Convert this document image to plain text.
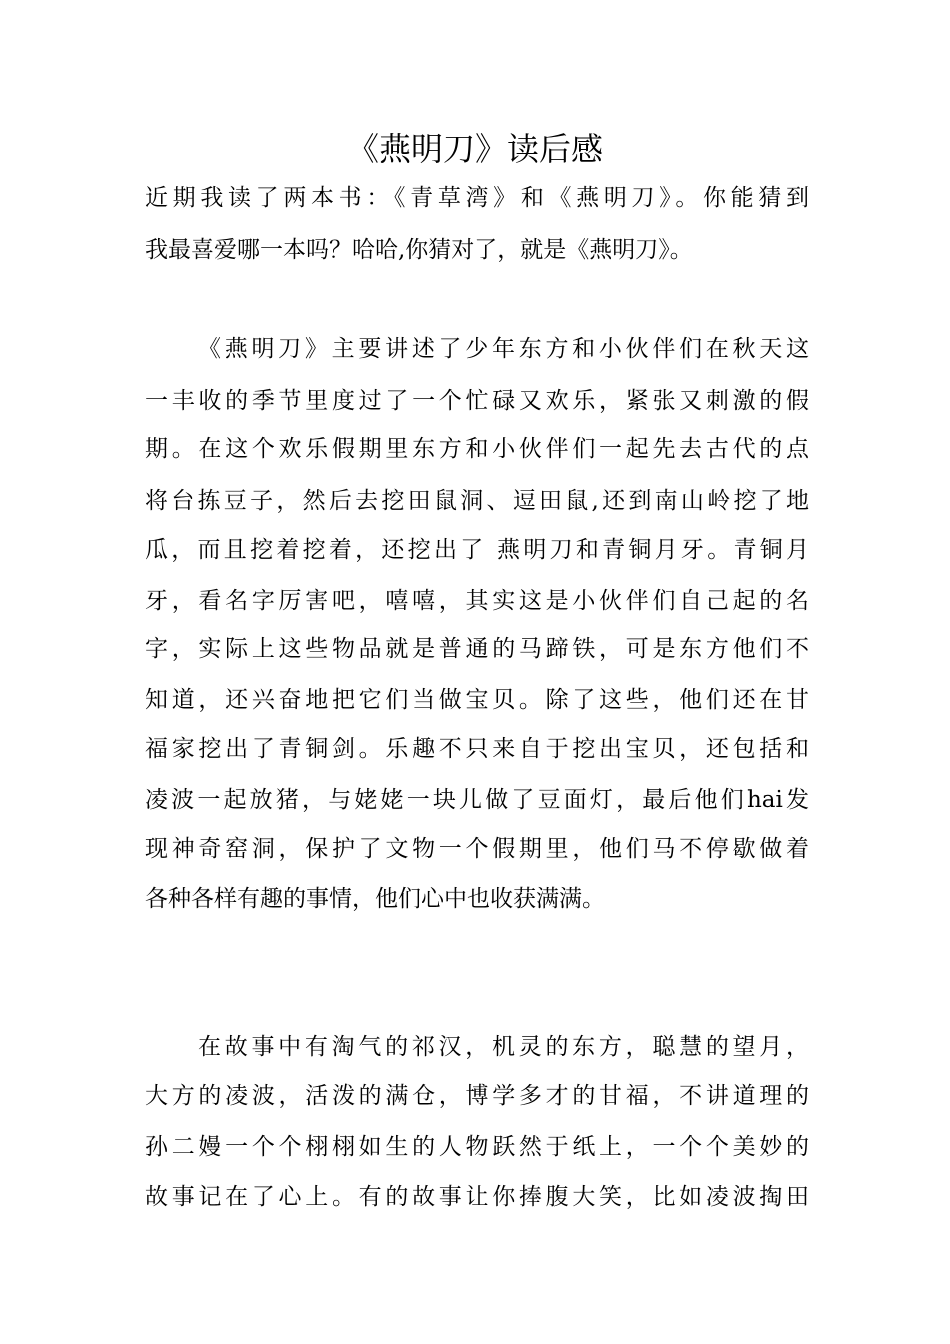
《燕明刀》读后感

近期我读了两本书：《青草湾》和《燕明刀》。你能猜到

我最喜爱哪一本吗？哈哈,你猜对了，就是《燕明刀》。

《燕明刀》主要讲述了少年东方和小伙伴们在秋天这

一丰收的季节里度过了一个忙碌又欢乐，紧张又刺激的假

期。在这个欢乐假期里东方和小伙伴们一起先去古代的点

将台拣豆子，然后去挖田鼠洞、逗田鼠,还到南山岭挖了地

瓜，而且挖着挖着，还挖出了 燕明刀和青铜月牙。青铜月

牙，看名字厉害吧，嘻嘻，其实这是小伙伴们自己起的名

字，实际上这些物品就是普通的马蹄铁，可是东方他们不

知道，还兴奋地把它们当做宝贝。除了这些，他们还在甘

福家挖出了青铜剑。乐趣不只来自于挖出宝贝，还包括和

凌波一起放猪，与姥姥一块儿做了豆面灯，最后他们hai发

现神奇窑洞，保护了文物一个假期里，他们马不停歇做着

各种各样有趣的事情，他们心中也收获满满。

在故事中有淘气的祁汉，机灵的东方，聪慧的望月，

大方的凌波，活泼的满仓，博学多才的甘福，不讲道理的

孙二嫚一个个栩栩如生的人物跃然于纸上，一个个美妙的

故事记在了心上。有的故事让你捧腹大笑，比如凌波掏田
